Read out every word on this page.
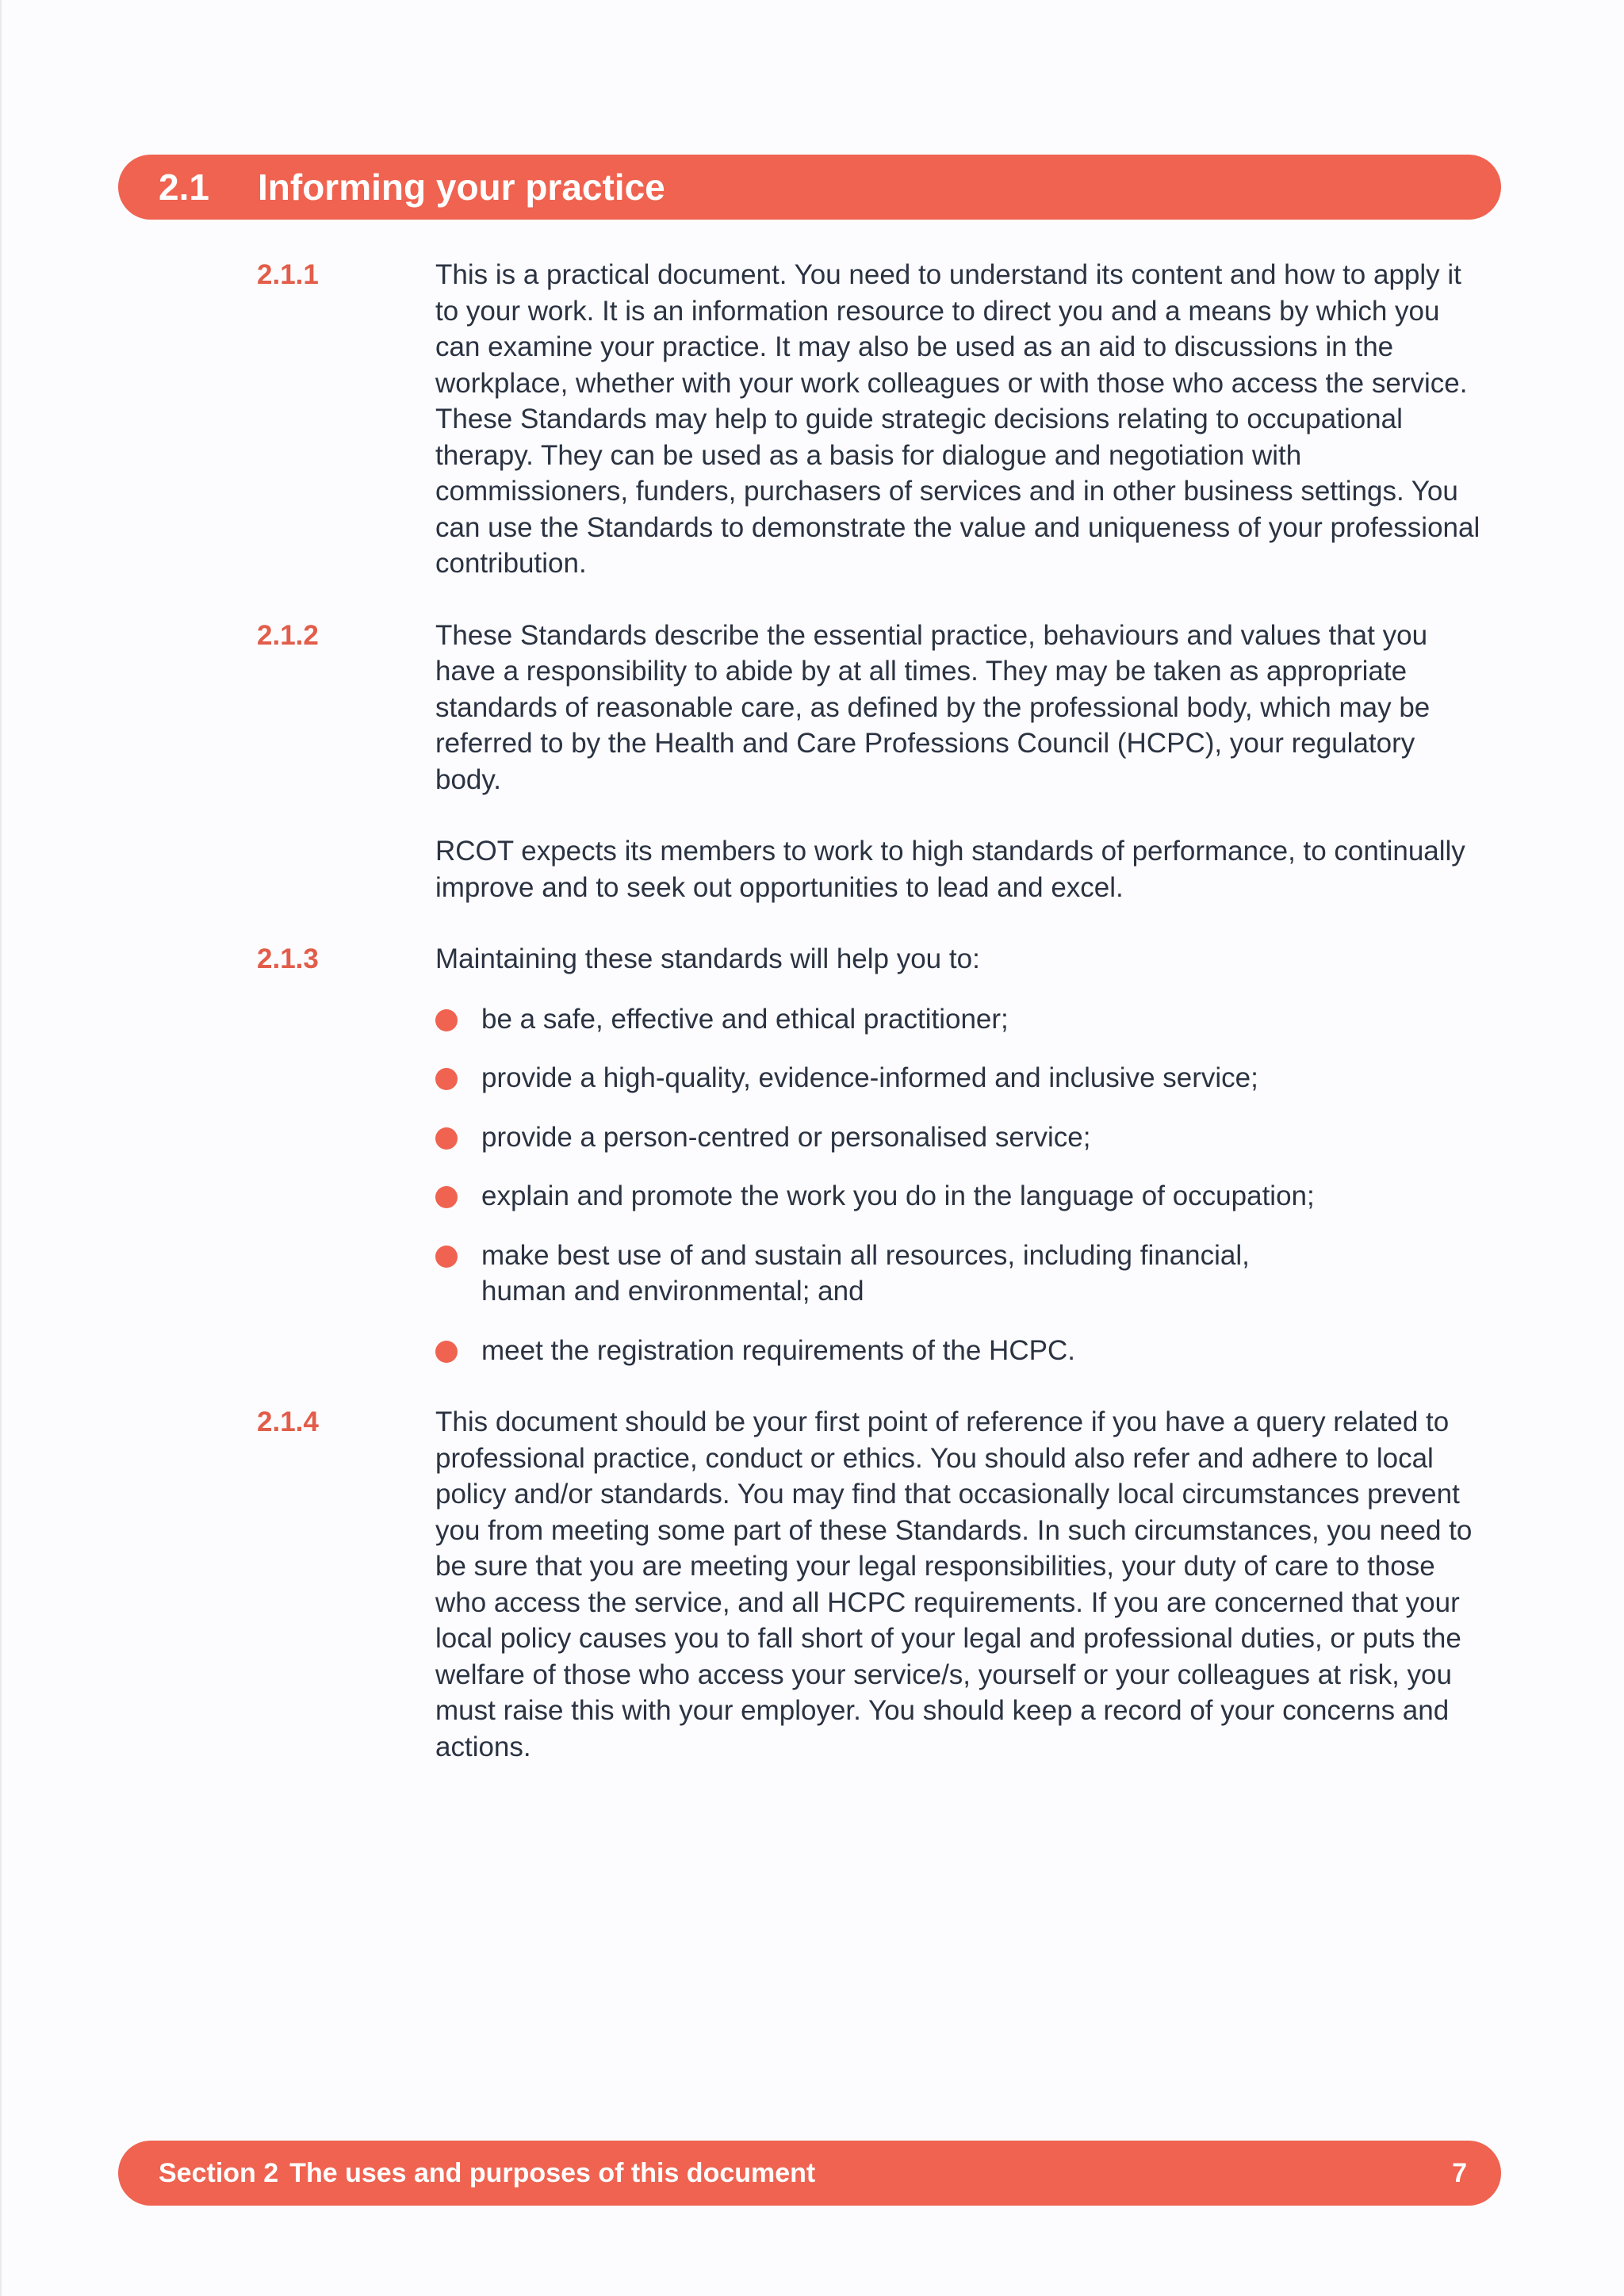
2.1	Informing your practice
2.1.1	This is a practical document. You need to understand its content and how to apply it to your work. It is an information resource to direct you and a means by which you can examine your practice. It may also be used as an aid to discussions in the workplace, whether with your work colleagues or with those who access the service. These Standards may help to guide strategic decisions relating to occupational therapy. They can be used as a basis for dialogue and negotiation with commissioners, funders, purchasers of services and in other business settings. You can use the Standards to demonstrate the value and uniqueness of your professional contribution.

2.1.2	These Standards describe the essential practice, behaviours and values that you have a responsibility to abide by at all times. They may be taken as appropriate standards of reasonable care, as defined by the professional body, which may be referred to by the Health and Care Professions Council (HCPC), your regulatory body.

RCOT expects its members to work to high standards of performance, to continually improve and to seek out opportunities to lead and excel.

2.1.3	Maintaining these standards will help you to:

be a safe, effective and ethical practitioner;
provide a high-quality, evidence-informed and inclusive service;
provide a person-centred or personalised service;
explain and promote the work you do in the language of occupation;
make best use of and sustain all resources, including financial, human and environmental; and
meet the registration requirements of the HCPC.
2.1.4	This document should be your first point of reference if you have a query related to professional practice, conduct or ethics. You should also refer and adhere to local policy and/or standards. You may find that occasionally local circumstances prevent you from meeting some part of these Standards. In such circumstances, you need to be sure that you are meeting your legal responsibilities, your duty of care to those who access the service, and all HCPC requirements. If you are concerned that your local policy causes you to fall short of your legal and professional duties, or puts the welfare of those who access your service/s, yourself or your colleagues at risk, you must raise this with your employer. You should keep a record of your concerns and actions.

Section 2 The uses and purposes of this document	7
